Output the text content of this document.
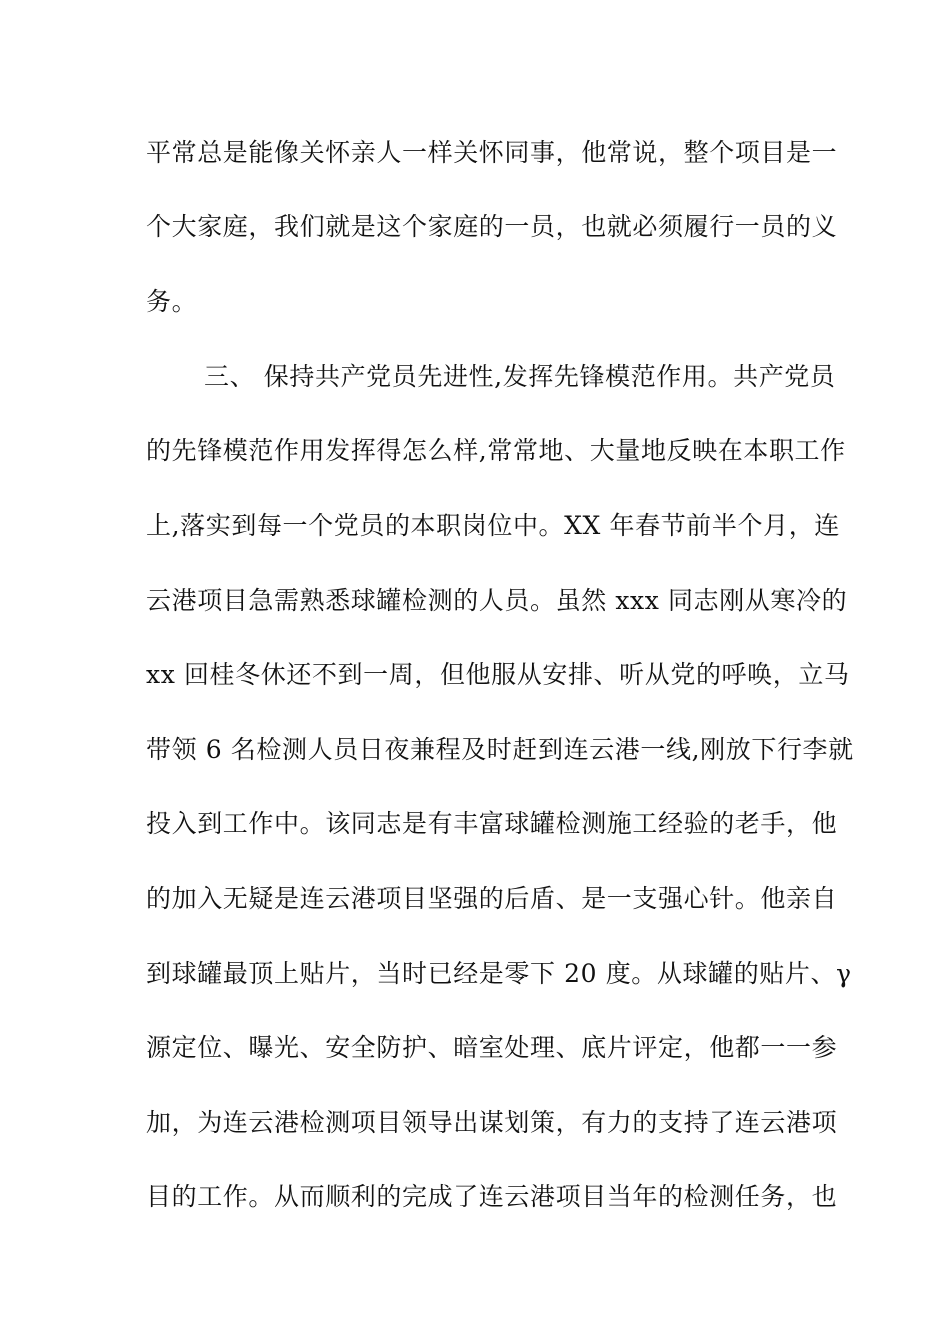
平常总是能像关怀亲人一样关怀同事，他常说，整个项目是一
个大家庭，我们就是这个家庭的一员，也就必须履行一员的义
务。
三、 保持共产党员先进性,发挥先锋模范作用。共产党员
的先锋模范作用发挥得怎么样,常常地、大量地反映在本职工作
上,落实到每一个党员的本职岗位中。XX 年春节前半个月，连
云港项目急需熟悉球罐检测的人员。虽然 xxx 同志刚从寒冷的
xx 回桂冬休还不到一周，但他服从安排、听从党的呼唤，立马
带领 6 名检测人员日夜兼程及时赶到连云港一线,刚放下行李就
投入到工作中。该同志是有丰富球罐检测施工经验的老手，他
的加入无疑是连云港项目坚强的后盾、是一支强心针。他亲自
到球罐最顶上贴片，当时已经是零下 20 度。从球罐的贴片、γ
源定位、曝光、安全防护、暗室处理、底片评定，他都一一参
加，为连云港检测项目领导出谋划策，有力的支持了连云港项
目的工作。从而顺利的完成了连云港项目当年的检测任务，也
